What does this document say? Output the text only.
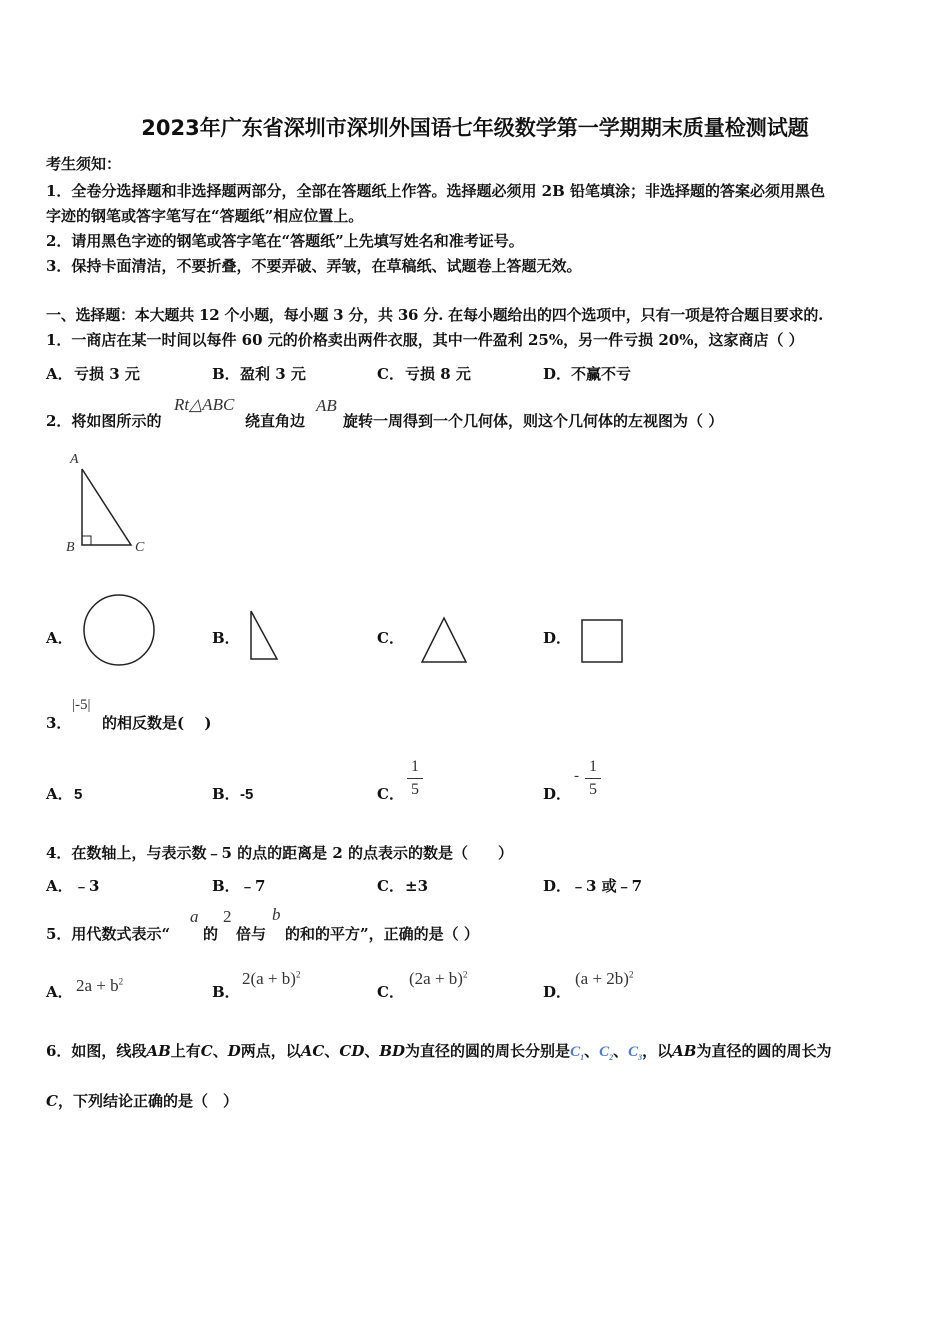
2023年广东省深圳市深圳外国语七年级数学第一学期期末质量检测试题
考生须知：
1．全卷分选择题和非选择题两部分，全部在答题纸上作答。选择题必须用 2B 铅笔填涂；非选择题的答案必须用黑色
字迹的钢笔或答字笔写在“答题纸”相应位置上。
2．请用黑色字迹的钢笔或答字笔在“答题纸”上先填写姓名和准考证号。
3．保持卡面清洁，不要折叠，不要弄破、弄皱，在草稿纸、试题卷上答题无效。
一、选择题：本大题共 12 个小题，每小题 3 分，共 36 分. 在每小题给出的四个选项中，只有一项是符合题目要求的.
1．一商店在某一时间以每件 60 元的价格卖出两件衣服，其中一件盈利 25%，另一件亏损 20%，这家商店（ ）
A．亏损 3 元	B．盈利 3 元	C．亏损 8 元	D．不赢不亏
2．将如图所示的
Rt△ABC
绕直角边
AB
旋转一周得到一个几何体，则这个几何体的左视图为（ ）
A
B	C
A．	B．	C．	D．
3．
|-5|
的相反数是(　 )
A．5	B．-5	C．
1
5	D．
-
1
5
4．在数轴上，与表示数﹣5 的点的距离是 2 的点表示的数是（　　）
A．﹣3	B．﹣7	C．±3	D．﹣3 或﹣7
5．用代数式表示“
a
的
2
倍与
b
的和的平方”，正确的是（ ）
A． $2a + b^2$
B．
$2(a + b)^2$
C．
$(2a + b)^2$
D．
$(a + 2b)^2$
6．如图，线段AB上有C、D两点，以AC、CD、BD为直径的圆的周长分别是$C_1$、$C_2$、$C_3$，以AB为直径的圆的周长为
C，下列结论正确的是（　）
